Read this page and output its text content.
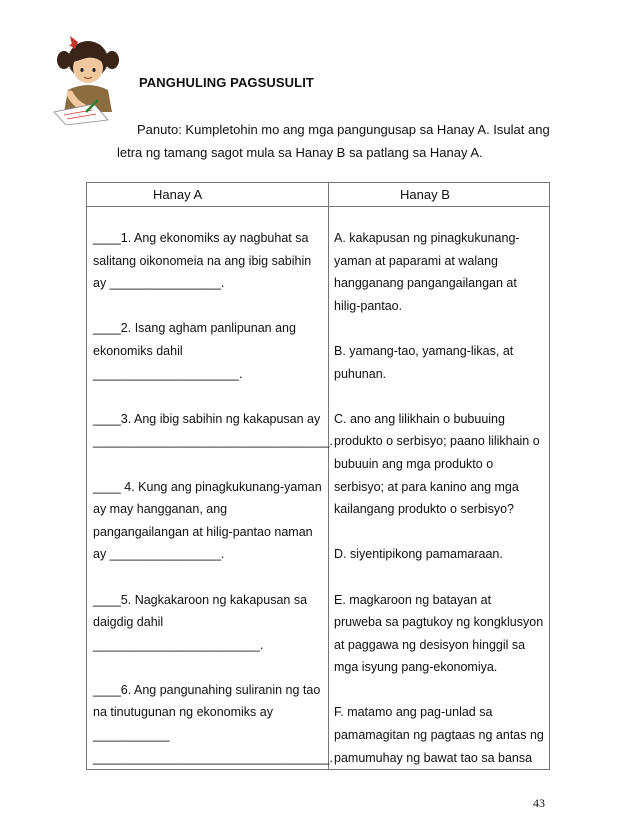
PANGHULING PAGSUSULIT
Panuto: Kumpletohin mo ang mga pangungusap sa Hanay A. Isulat ang
letra ng tamang sagot mula sa Hanay B sa patlang sa Hanay A.
Hanay A	Hanay B
____1. Ang ekonomiks ay nagbuhat sa
salitang oikonomeia na ang ibig sabihin
ay ________________.
____2. Isang agham panlipunan ang
ekonomiks dahil
_____________________.
____3. Ang ibig sabihin ng kakapusan ay
__________________________________.
____ 4. Kung ang pinagkukunang-yaman
ay may hangganan, ang
pangangailangan at hilig-pantao naman
ay ________________.
____5. Nagkakaroon ng kakapusan sa
daigdig dahil
________________________.
____6. Ang pangunahing suliranin ng tao
na tinutugunan ng ekonomiks ay
___________
__________________________________.
A. kakapusan ng pinagkukunang-
yaman at paparami at walang
hangganang pangangailangan at
hilig-pantao.
B. yamang-tao, yamang-likas, at
puhunan.
C. ano ang lilikhain o bubuuing
produkto o serbisyo; paano lilikhain o
bubuuin ang mga produkto o
serbisyo; at para kanino ang mga
kailangang produkto o serbisyo?
D. siyentipikong pamamaraan.
E. magkaroon ng batayan at
pruweba sa pagtukoy ng kongklusyon
at paggawa ng desisyon hinggil sa
mga isyung pang-ekonomiya.
F. matamo ang pag-unlad sa
pamamagitan ng pagtaas ng antas ng
pamumuhay ng bawat tao sa bansa
43
